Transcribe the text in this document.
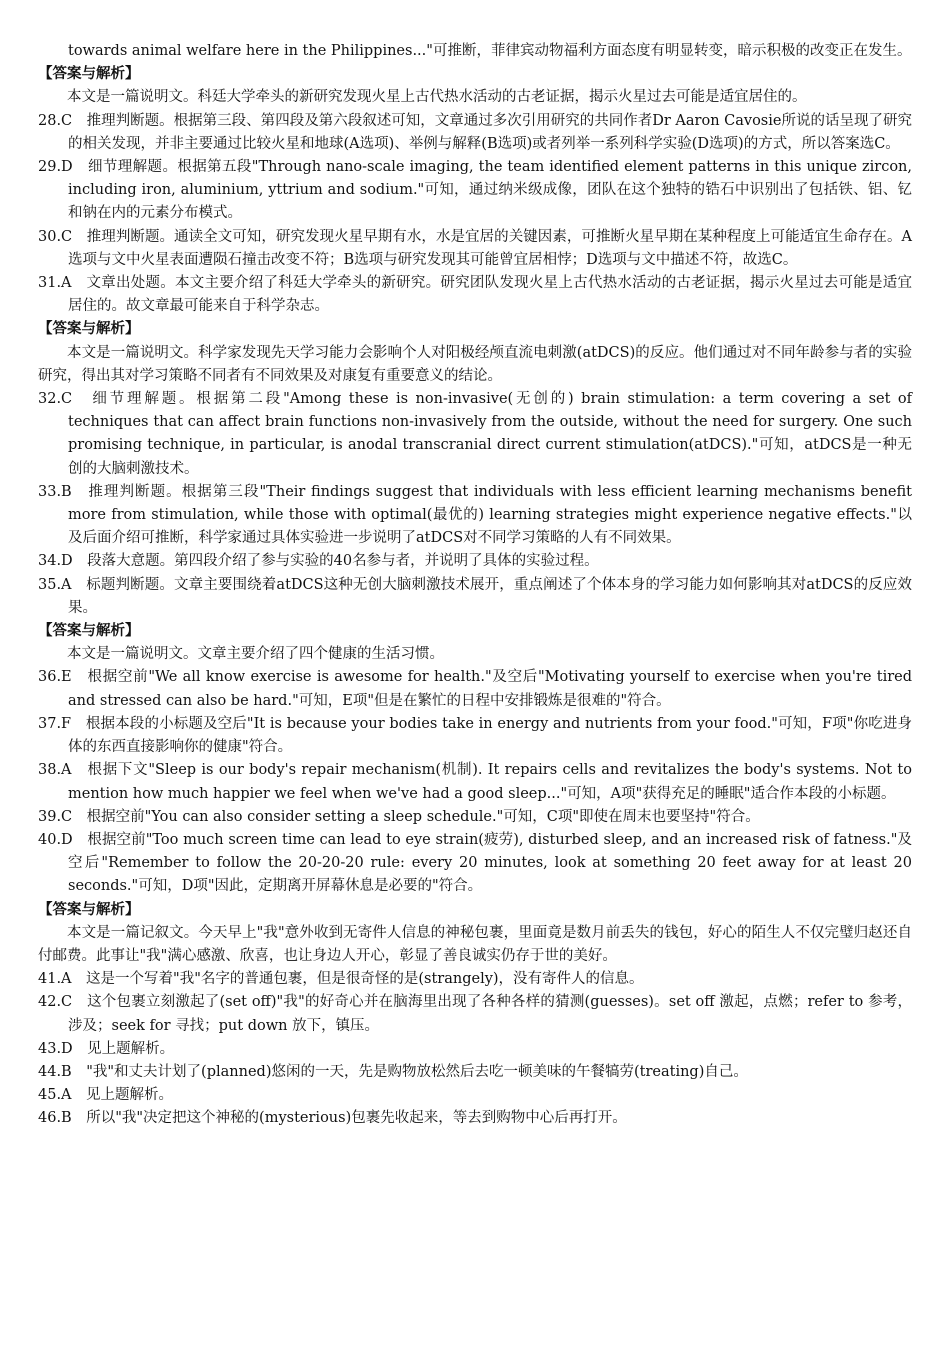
towards animal welfare here in the Philippines..."可推断，菲律宾动物福利方面态度有明显转变，暗示积极的改变正在发生。

【答案与解析】

本文是一篇说明文。科廷大学牵头的新研究发现火星上古代热水活动的古老证据，揭示火星过去可能是适宜居住的。

28.C　推理判断题。根据第三段、第四段及第六段叙述可知，文章通过多次引用研究的共同作者Dr Aaron Cavosie所说的话呈现了研究的相关发现，并非主要通过比较火星和地球(A选项)、举例与解释(B选项)或者列举一系列科学实验(D选项)的方式，所以答案选C。

29.D　细节理解题。根据第五段"Through nano-scale imaging, the team identified element patterns in this unique zircon, including iron, aluminium, yttrium and sodium."可知，通过纳米级成像，团队在这个独特的锆石中识别出了包括铁、铝、钇和钠在内的元素分布模式。

30.C　推理判断题。通读全文可知，研究发现火星早期有水，水是宜居的关键因素，可推断火星早期在某种程度上可能适宜生命存在。A选项与文中火星表面遭陨石撞击改变不符；B选项与研究发现其可能曾宜居相悖；D选项与文中描述不符，故选C。

31.A　文章出处题。本文主要介绍了科廷大学牵头的新研究。研究团队发现火星上古代热水活动的古老证据，揭示火星过去可能是适宜居住的。故文章最可能来自于科学杂志。

【答案与解析】

本文是一篇说明文。科学家发现先天学习能力会影响个人对阳极经颅直流电刺激(atDCS)的反应。他们通过对不同年龄参与者的实验研究，得出其对学习策略不同者有不同效果及对康复有重要意义的结论。

32.C　细节理解题。根据第二段"Among these is non-invasive(无创的) brain stimulation: a term covering a set of techniques that can affect brain functions non-invasively from the outside, without the need for surgery. One such promising technique, in particular, is anodal transcranial direct current stimulation(atDCS)."可知，atDCS是一种无创的大脑刺激技术。

33.B　推理判断题。根据第三段"Their findings suggest that individuals with less efficient learning mechanisms benefit more from stimulation, while those with optimal(最优的) learning strategies might experience negative effects."以及后面介绍可推断，科学家通过具体实验进一步说明了atDCS对不同学习策略的人有不同效果。

34.D　段落大意题。第四段介绍了参与实验的40名参与者，并说明了具体的实验过程。

35.A　标题判断题。文章主要围绕着atDCS这种无创大脑刺激技术展开，重点阐述了个体本身的学习能力如何影响其对atDCS的反应效果。

【答案与解析】

本文是一篇说明文。文章主要介绍了四个健康的生活习惯。

36.E　根据空前"We all know exercise is awesome for health."及空后"Motivating yourself to exercise when you're tired and stressed can also be hard."可知，E项"但是在繁忙的日程中安排锻炼是很难的"符合。

37.F　根据本段的小标题及空后"It is because your bodies take in energy and nutrients from your food."可知，F项"你吃进身体的东西直接影响你的健康"符合。

38.A　根据下文"Sleep is our body's repair mechanism(机制). It repairs cells and revitalizes the body's systems. Not to mention how much happier we feel when we've had a good sleep..."可知，A项"获得充足的睡眠"适合作本段的小标题。

39.C　根据空前"You can also consider setting a sleep schedule."可知，C项"即使在周末也要坚持"符合。

40.D　根据空前"Too much screen time can lead to eye strain(疲劳), disturbed sleep, and an increased risk of fatness."及空后"Remember to follow the 20-20-20 rule: every 20 minutes, look at something 20 feet away for at least 20 seconds."可知，D项"因此，定期离开屏幕休息是必要的"符合。

【答案与解析】

本文是一篇记叙文。今天早上"我"意外收到无寄件人信息的神秘包裹，里面竟是数月前丢失的钱包，好心的陌生人不仅完璧归赵还自付邮费。此事让"我"满心感激、欣喜，也让身边人开心，彰显了善良诚实仍存于世的美好。

41.A　这是一个写着"我"名字的普通包裹，但是很奇怪的是(strangely)，没有寄件人的信息。

42.C　这个包裹立刻激起了(set off)"我"的好奇心并在脑海里出现了各种各样的猜测(guesses)。set off 激起，点燃；refer to 参考，涉及；seek for 寻找；put down 放下，镇压。

43.D　见上题解析。

44.B　"我"和丈夫计划了(planned)悠闲的一天，先是购物放松然后去吃一顿美味的午餐犒劳(treating)自己。

45.A　见上题解析。

46.B　所以"我"决定把这个神秘的(mysterious)包裹先收起来，等去到购物中心后再打开。
